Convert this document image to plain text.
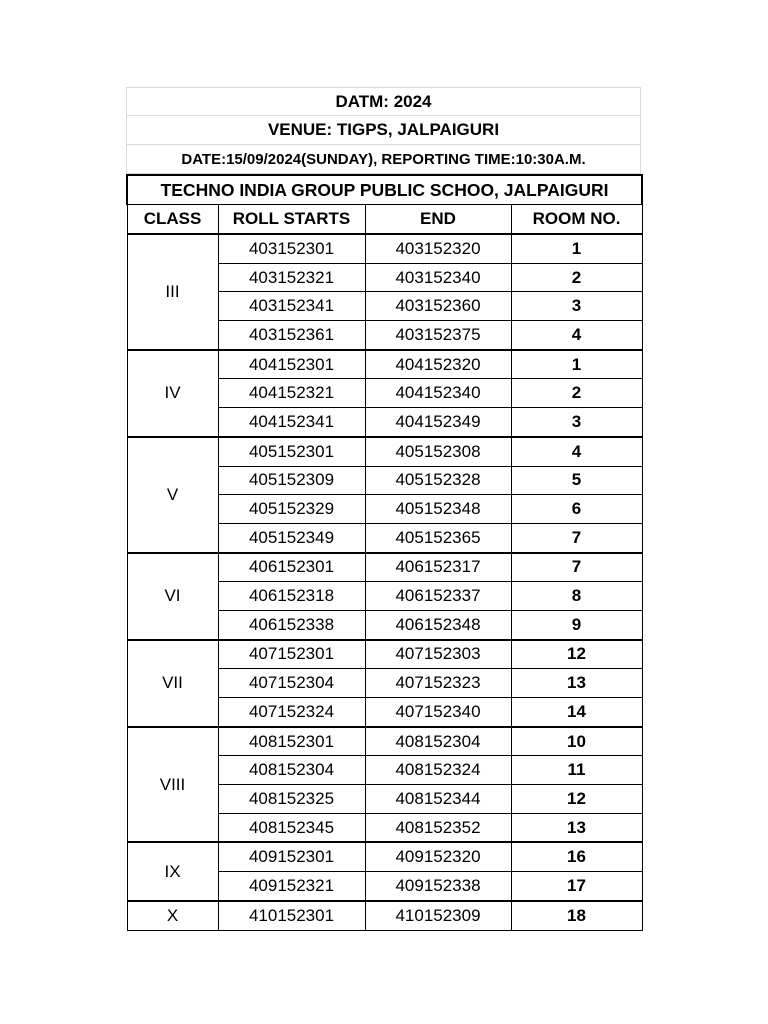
DATM: 2024
VENUE: TIGPS, JALPAIGURI
DATE:15/09/2024(SUNDAY), REPORTING TIME:10:30A.M.
TECHNO INDIA GROUP PUBLIC SCHOO, JALPAIGURI			
CLASS	ROLL STARTS	END	ROOM NO.
III	403152301	403152320	1
	403152321	403152340	2
	403152341	403152360	3
	403152361	403152375	4
IV	404152301	404152320	1
	404152321	404152340	2
	404152341	404152349	3
V	405152301	405152308	4
	405152309	405152328	5
	405152329	405152348	6
	405152349	405152365	7
VI	406152301	406152317	7
	406152318	406152337	8
	406152338	406152348	9
VII	407152301	407152303	12
	407152304	407152323	13
	407152324	407152340	14
VIII	408152301	408152304	10
	408152304	408152324	11
	408152325	408152344	12
	408152345	408152352	13
IX	409152301	409152320	16
	409152321	409152338	17
X	410152301	410152309	18
